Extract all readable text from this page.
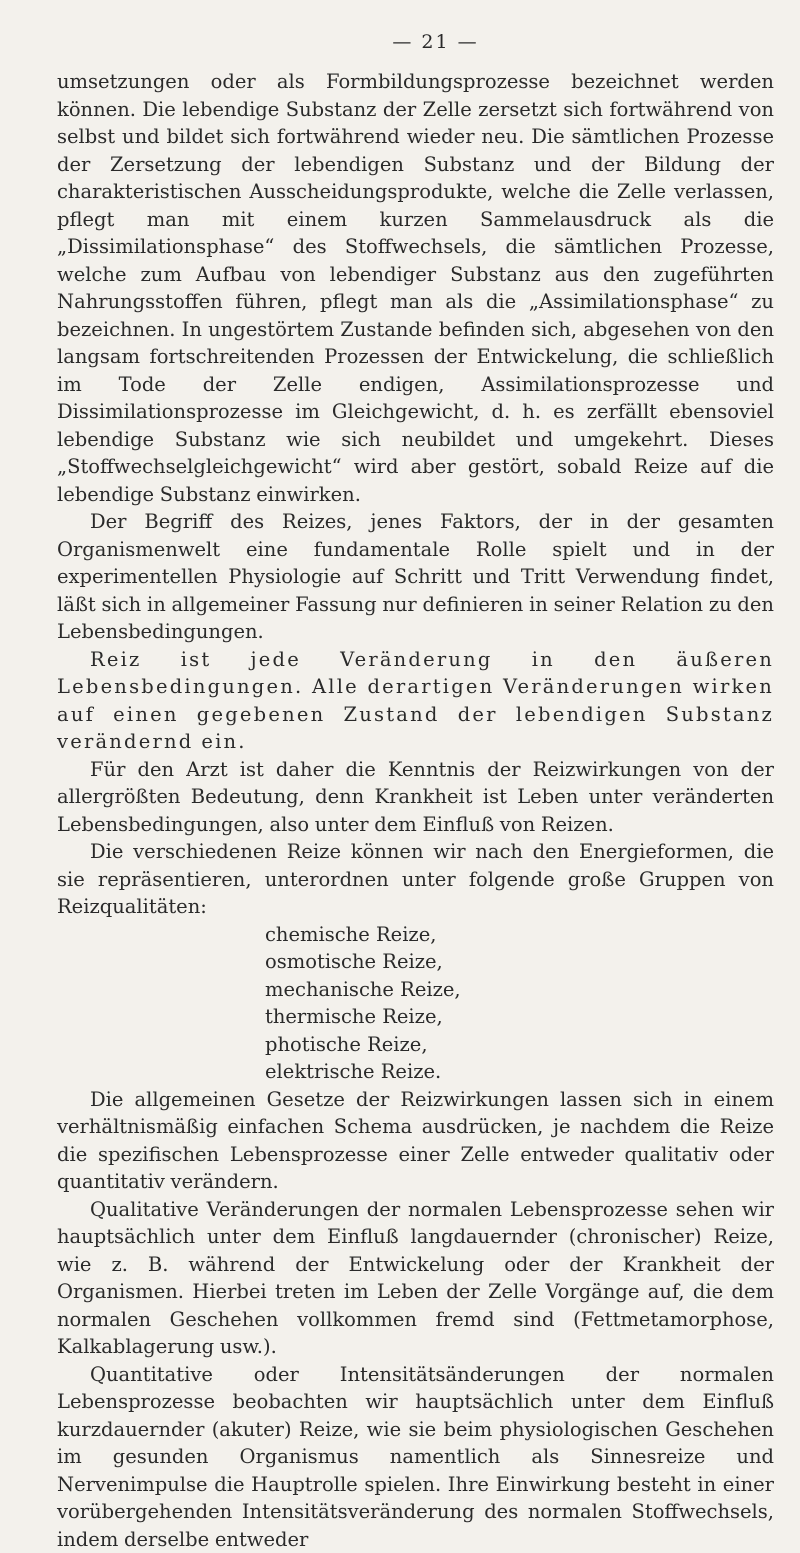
— 21 —

umsetzungen oder als Formbildungsprozesse bezeichnet werden können. Die lebendige Substanz der Zelle zersetzt sich fortwährend von selbst und bildet sich fortwährend wieder neu. Die sämtlichen Prozesse der Zersetzung der lebendigen Substanz und der Bildung der charakteristischen Ausscheidungsprodukte, welche die Zelle verlassen, pflegt man mit einem kurzen Sammelausdruck als die „Dissimilationsphase“ des Stoffwechsels, die sämtlichen Prozesse, welche zum Aufbau von lebendiger Substanz aus den zugeführten Nahrungsstoffen führen, pflegt man als die „Assimilationsphase“ zu bezeichnen. In ungestörtem Zustande befinden sich, abgesehen von den langsam fortschreitenden Prozessen der Entwickelung, die schließlich im Tode der Zelle endigen, Assimilationsprozesse und Dissimilationsprozesse im Gleichgewicht, d. h. es zerfällt ebensoviel lebendige Substanz wie sich neubildet und umgekehrt. Dieses „Stoffwechselgleichgewicht“ wird aber gestört, sobald Reize auf die lebendige Substanz einwirken.

Der Begriff des Reizes, jenes Faktors, der in der gesamten Organismenwelt eine fundamentale Rolle spielt und in der experimentellen Physiologie auf Schritt und Tritt Verwendung findet, läßt sich in allgemeiner Fassung nur definieren in seiner Relation zu den Lebensbedingungen.

Reiz ist jede Veränderung in den äußeren Lebensbedingungen. Alle derartigen Veränderungen wirken auf einen gegebenen Zustand der lebendigen Substanz verändernd ein.

Für den Arzt ist daher die Kenntnis der Reizwirkungen von der allergrößten Bedeutung, denn Krankheit ist Leben unter veränderten Lebensbedingungen, also unter dem Einfluß von Reizen.

Die verschiedenen Reize können wir nach den Energieformen, die sie repräsentieren, unterordnen unter folgende große Gruppen von Reizqualitäten:

chemische Reize,
osmotische Reize,
mechanische Reize,
thermische Reize,
photische Reize,
elektrische Reize.

Die allgemeinen Gesetze der Reizwirkungen lassen sich in einem verhältnismäßig einfachen Schema ausdrücken, je nachdem die Reize die spezifischen Lebensprozesse einer Zelle entweder qualitativ oder quantitativ verändern.

Qualitative Veränderungen der normalen Lebensprozesse sehen wir hauptsächlich unter dem Einfluß langdauernder (chronischer) Reize, wie z. B. während der Entwickelung oder der Krankheit der Organismen. Hierbei treten im Leben der Zelle Vorgänge auf, die dem normalen Geschehen vollkommen fremd sind (Fettmetamorphose, Kalkablagerung usw.).

Quantitative oder Intensitätsänderungen der normalen Lebensprozesse beobachten wir hauptsächlich unter dem Einfluß kurzdauernder (akuter) Reize, wie sie beim physiologischen Geschehen im gesunden Organismus namentlich als Sinnesreize und Nervenimpulse die Hauptrolle spielen. Ihre Einwirkung besteht in einer vorübergehenden Intensitätsveränderung des normalen Stoffwechsels, indem derselbe entweder
